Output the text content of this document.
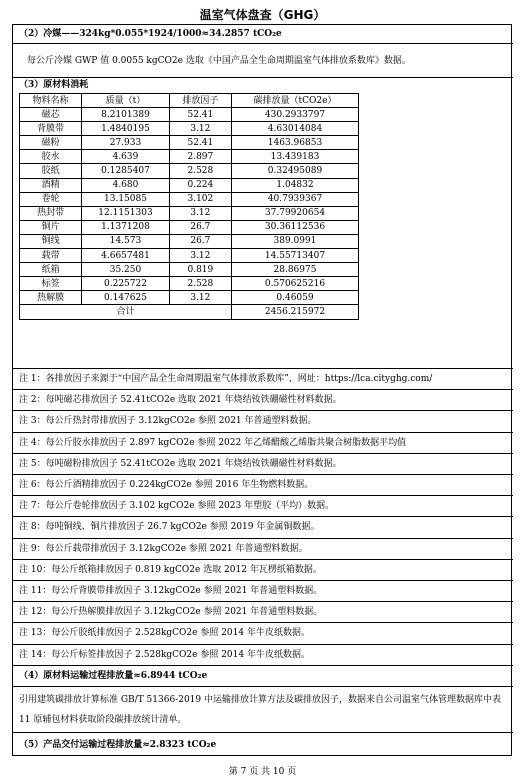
温室气体盘查（GHG）
（2）冷媒——324kg*0.055*1924/1000≈34.2857 tCO₂e
每公斤冷媒 GWP 值 0.0055 kgCO2e 选取《中国产品全生命周期温室气体排放系数库》数据。
（3）原材料消耗
物料名称	质量（t）	排放因子	碳排放量（tCO2e）
磁芯	8.2101389	52.41	430.2933797
背膜带	1.4840195	3.12	4.63014084
磁粉	27.933	52.41	1463.96853
胶水	4.639	2.897	13.439183
胶纸	0.1285407	2.528	0.32495089
酒精	4.680	0.224	1.04832
卷轮	13.15085	3.102	40.7939367
热封带	12.1151303	3.12	37.79920654
铜片	1.1371208	26.7	30.36112536
铜线	14.573	26.7	389.0991
载带	4.6657481	3.12	14.55713407
纸箱	35.250	0.819	28.86975
标签	0.225722	2.528	0.570625216
热解膜	0.147625	3.12	0.46059
合计			2456.215972
注 1：各排放因子来源于“中国产品全生命周期温室气体排放系数库”，网址：https://lca.cityghg.com/
注 2：每吨磁芯排放因子 52.41tCO2e 选取 2021 年烧结钕铁硼磁性材料数据。
注 3：每公斤热封带排放因子 3.12kgCO2e 参照 2021 年普通塑料数据。
注 4：每公斤胶水排放因子 2.897 kgCO2e 参照 2022 年乙烯醋酸乙烯脂共聚合树脂数据平均值
注 5：每吨磁粉排放因子 52.41tCO2e 选取 2021 年烧结钕铁硼磁性材料数据。
注 6：每公斤酒精排放因子 0.224kgCO2e 参照 2016 年生物燃料数据。
注 7：每公斤卷轮排放因子 3.102 kgCO2e 参照 2023 年塑胶（平均）数据。
注 8：每吨铜线、铜片排放因子 26.7 kgCO2e 参照 2019 年金属铜数据。
注 9：每公斤载带排放因子 3.12kgCO2e 参照 2021 年普通塑料数据。
注 10：每公斤纸箱排放因子 0.819 kgCO2e 选取 2012 年瓦楞纸箱数据。
注 11：每公斤背膜带排放因子 3.12kgCO2e 参照 2021 年普通塑料数据。
注 12：每公斤热解膜排放因子 3.12kgCO2e 参照 2021 年普通塑料数据。
注 13：每公斤胶纸排放因子 2.528kgCO2e 参照 2014 年牛皮纸数据。
注 14：每公斤标签排放因子 2.528kgCO2e 参照 2014 年牛皮纸数据。
（4）原材料运输过程排放量≈6.8944 tCO₂e
引用建筑碳排放计算标准 GB/T 51366-2019 中运输排放计算方法及碳排放因子，数据来自公司温室气体管理数据库中表 11 原辅包材料获取阶段碳排放统计清单。
（5）产品交付运输过程排放量≈2.8323 tCO₂e
第 7 页 共 10 页
